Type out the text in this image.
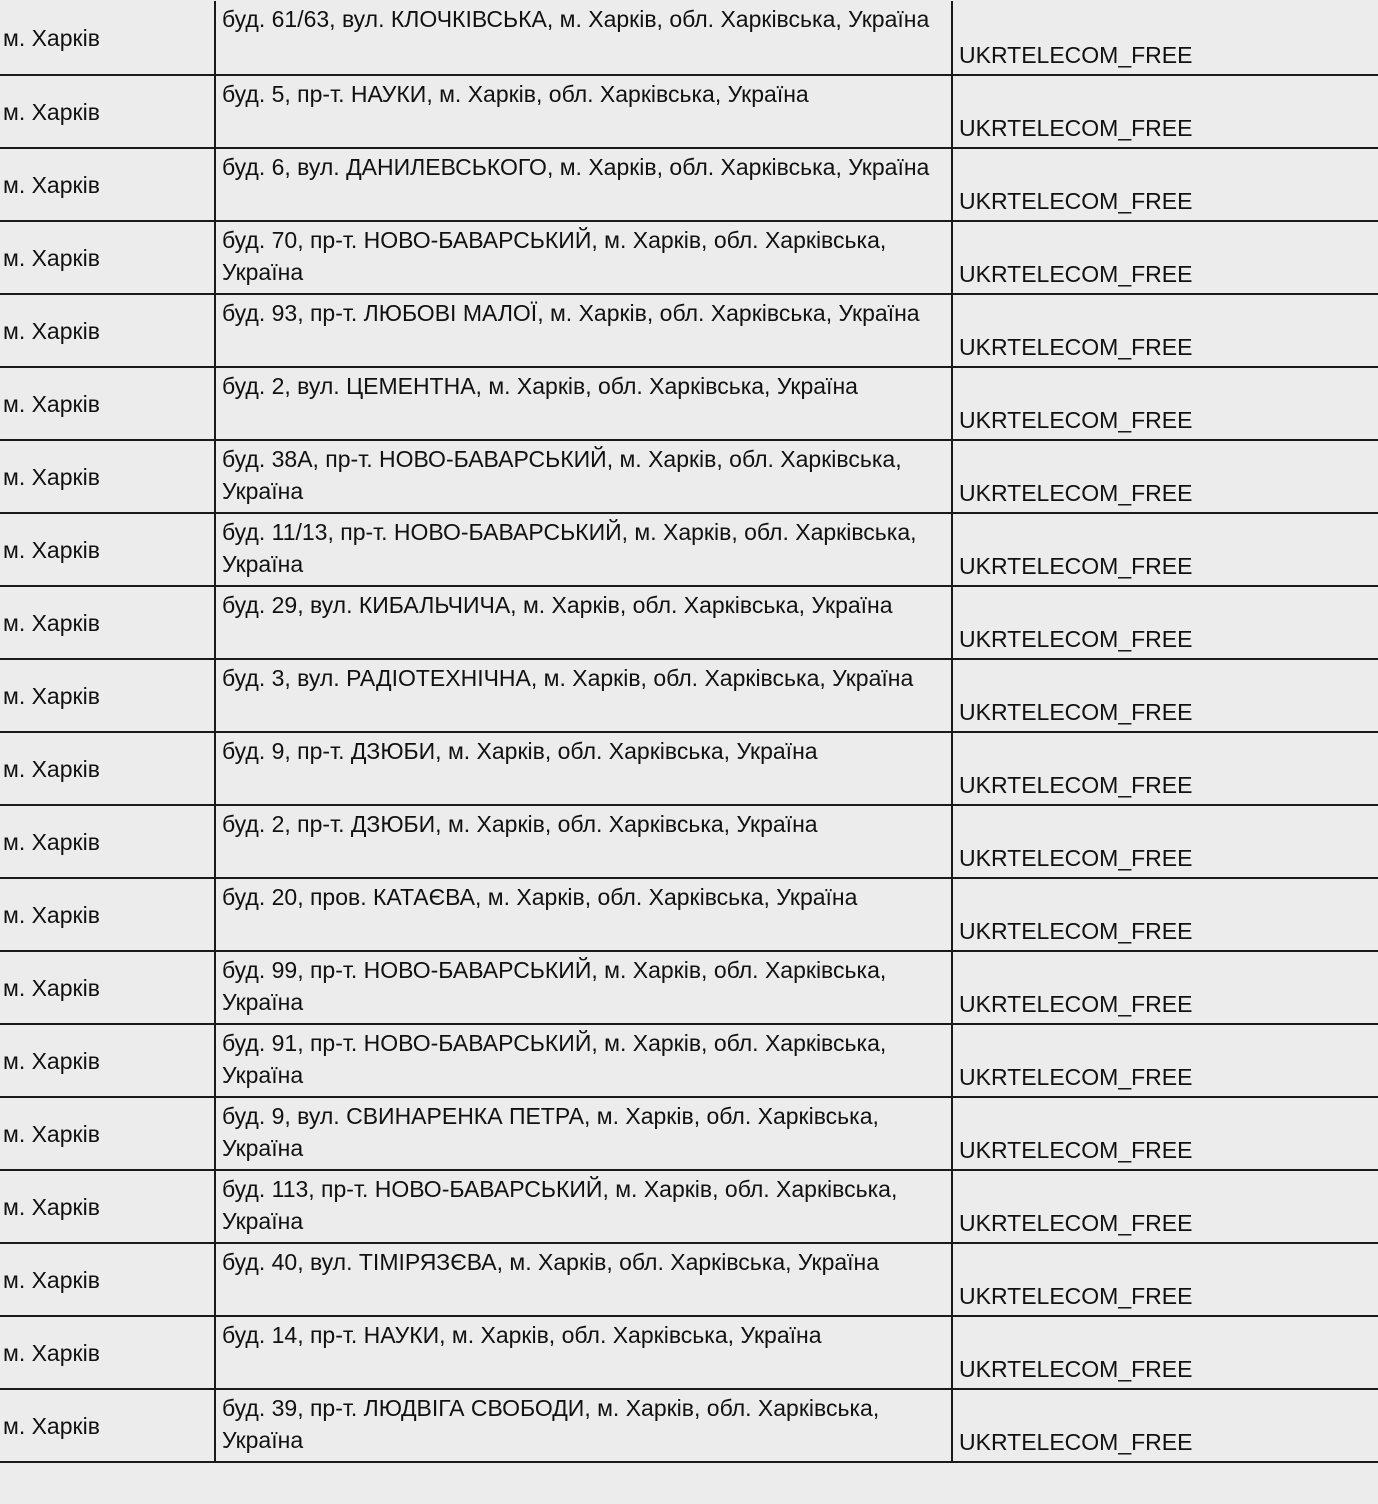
м. Харків	буд. 61/63, вул. КЛОЧКІВСЬКА, м. Харків, обл. Харківська, Україна	UKRTELECOM_FREE
м. Харків	буд. 5, пр-т. НАУКИ, м. Харків, обл. Харківська, Україна	UKRTELECOM_FREE
м. Харків	буд. 6, вул. ДАНИЛЕВСЬКОГО, м. Харків, обл. Харківська, Україна	UKRTELECOM_FREE
м. Харків	буд. 70, пр-т. НОВО-БАВАРСЬКИЙ, м. Харків, обл. Харківська, Україна	UKRTELECOM_FREE
м. Харків	буд. 93, пр-т. ЛЮБОВІ МАЛОЇ, м. Харків, обл. Харківська, Україна	UKRTELECOM_FREE
м. Харків	буд. 2, вул. ЦЕМЕНТНА, м. Харків, обл. Харківська, Україна	UKRTELECOM_FREE
м. Харків	буд. 38А, пр-т. НОВО-БАВАРСЬКИЙ, м. Харків, обл. Харківська, Україна	UKRTELECOM_FREE
м. Харків	буд. 11/13, пр-т. НОВО-БАВАРСЬКИЙ, м. Харків, обл. Харківська, Україна	UKRTELECOM_FREE
м. Харків	буд. 29, вул. КИБАЛЬЧИЧА, м. Харків, обл. Харківська, Україна	UKRTELECOM_FREE
м. Харків	буд. 3, вул. РАДІОТЕХНІЧНА, м. Харків, обл. Харківська, Україна	UKRTELECOM_FREE
м. Харків	буд. 9, пр-т. ДЗЮБИ, м. Харків, обл. Харківська, Україна	UKRTELECOM_FREE
м. Харків	буд. 2, пр-т. ДЗЮБИ, м. Харків, обл. Харківська, Україна	UKRTELECOM_FREE
м. Харків	буд. 20, пров. КАТАЄВА, м. Харків, обл. Харківська, Україна	UKRTELECOM_FREE
м. Харків	буд. 99, пр-т. НОВО-БАВАРСЬКИЙ, м. Харків, обл. Харківська, Україна	UKRTELECOM_FREE
м. Харків	буд. 91, пр-т. НОВО-БАВАРСЬКИЙ, м. Харків, обл. Харківська, Україна	UKRTELECOM_FREE
м. Харків	буд. 9, вул. СВИНАРЕНКА ПЕТРА, м. Харків, обл. Харківська, Україна	UKRTELECOM_FREE
м. Харків	буд. 113, пр-т. НОВО-БАВАРСЬКИЙ, м. Харків, обл. Харківська, Україна	UKRTELECOM_FREE
м. Харків	буд. 40, вул. ТІМІРЯЗЄВА, м. Харків, обл. Харківська, Україна	UKRTELECOM_FREE
м. Харків	буд. 14, пр-т. НАУКИ, м. Харків, обл. Харківська, Україна	UKRTELECOM_FREE
м. Харків	буд. 39, пр-т. ЛЮДВІГА СВОБОДИ, м. Харків, обл. Харківська, Україна	UKRTELECOM_FREE
